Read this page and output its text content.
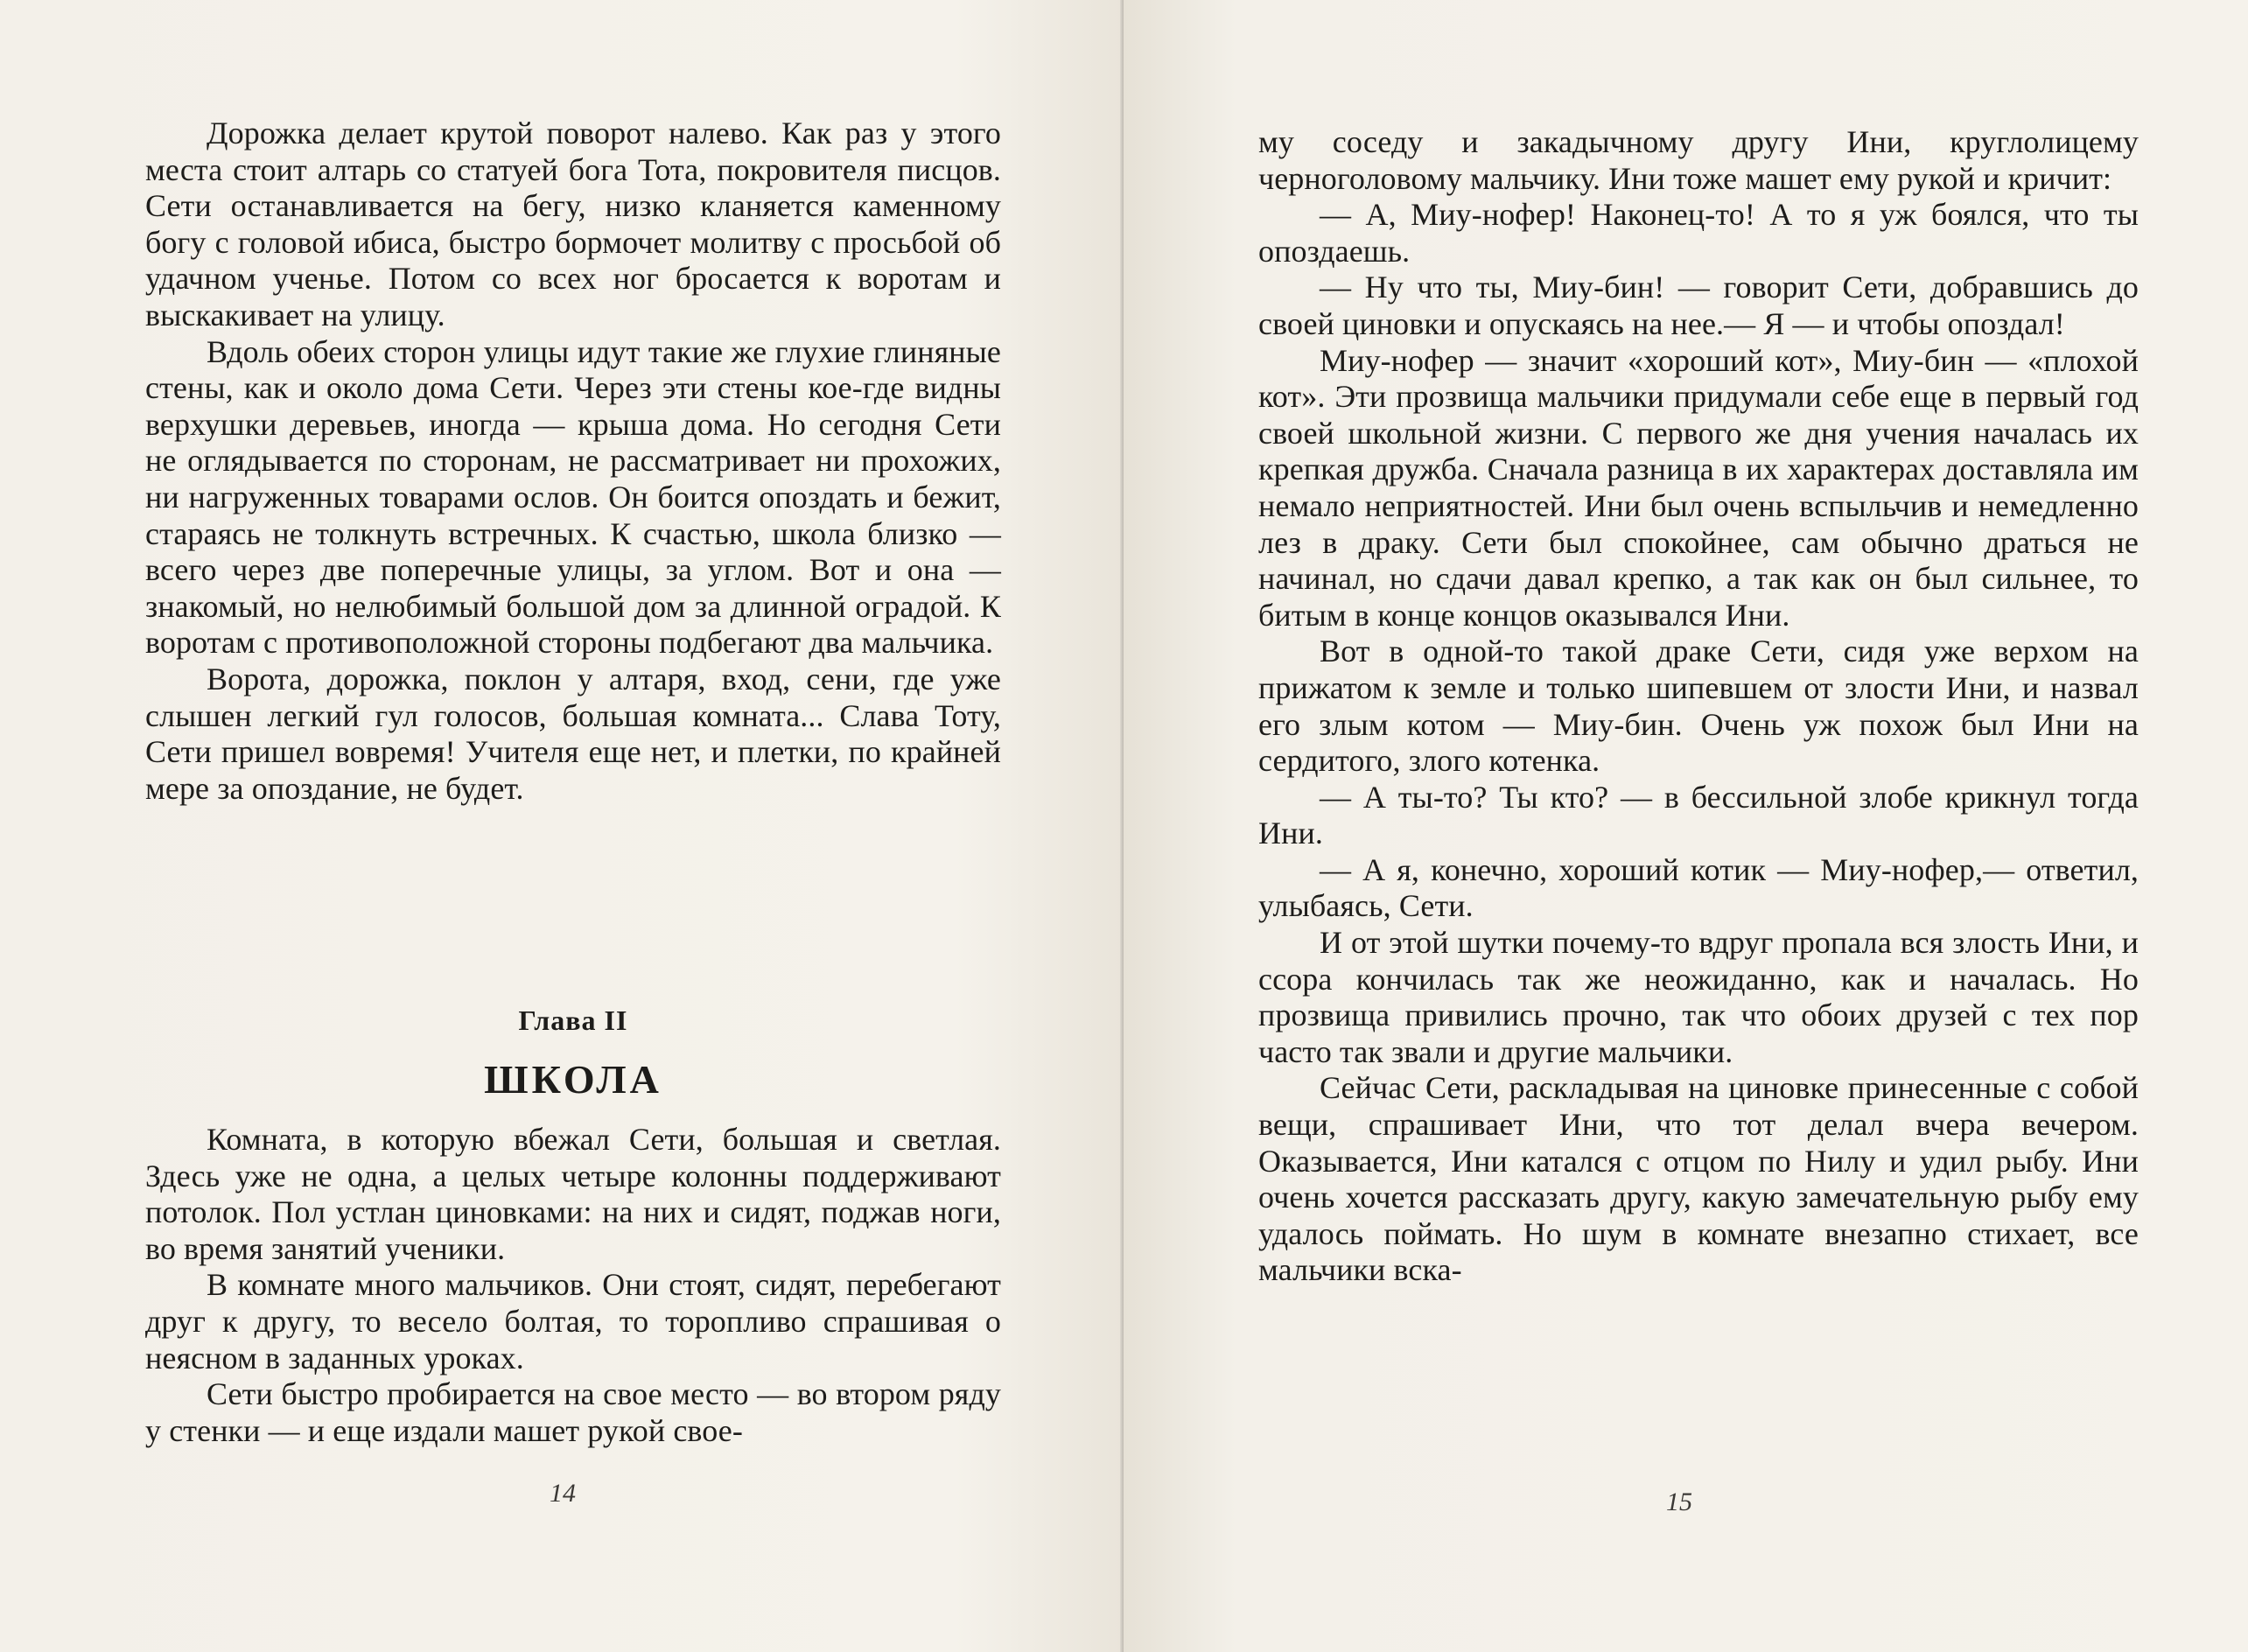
Дорожка делает крутой поворот налево. Как раз у этого места стоит алтарь со статуей бога Тота, покровителя писцов. Сети останавливается на бегу, низко кланяется каменному богу с головой ибиса, быстро бормочет молитву с просьбой об удачном ученье. Потом со всех ног бросается к воротам и выскакивает на улицу.

Вдоль обеих сторон улицы идут такие же глухие глиняные стены, как и около дома Сети. Через эти стены кое-где видны верхушки деревьев, иногда — крыша дома. Но сегодня Сети не оглядывается по сторонам, не рассматривает ни прохожих, ни нагруженных товарами ослов. Он боится опоздать и бежит, стараясь не толкнуть встречных. К счастью, школа близко — всего через две поперечные улицы, за углом. Вот и она — знакомый, но нелюбимый большой дом за длинной оградой. К воротам с противоположной стороны подбегают два мальчика.

Ворота, дорожка, поклон у алтаря, вход, сени, где уже слышен легкий гул голосов, большая комната... Слава Тоту, Сети пришел вовремя! Учителя еще нет, и плетки, по крайней мере за опоздание, не будет.

Глава II

ШКОЛА

Комната, в которую вбежал Сети, большая и светлая. Здесь уже не одна, а целых четыре колонны поддерживают потолок. Пол устлан циновками: на них и сидят, поджав ноги, во время занятий ученики.

В комнате много мальчиков. Они стоят, сидят, перебегают друг к другу, то весело болтая, то торопливо спрашивая о неясном в заданных уроках.

Сети быстро пробирается на свое место — во втором ряду у стенки — и еще издали машет рукой свое-

14

му соседу и закадычному другу Ини, круглолицему черноголовому мальчику. Ини тоже машет ему рукой и кричит:

— А, Миу-нофер! Наконец-то! А то я уж боялся, что ты опоздаешь.

— Ну что ты, Миу-бин! — говорит Сети, добравшись до своей циновки и опускаясь на нее.— Я — и чтобы опоздал!

Миу-нофер — значит «хороший кот», Миу-бин — «плохой кот». Эти прозвища мальчики придумали себе еще в первый год своей школьной жизни. С первого же дня учения началась их крепкая дружба. Сначала разница в их характерах доставляла им немало неприятностей. Ини был очень вспыльчив и немедленно лез в драку. Сети был спокойнее, сам обычно драться не начинал, но сдачи давал крепко, а так как он был сильнее, то битым в конце концов оказывался Ини.

Вот в одной-то такой драке Сети, сидя уже верхом на прижатом к земле и только шипевшем от злости Ини, и назвал его злым котом — Миу-бин. Очень уж похож был Ини на сердитого, злого котенка.

— А ты-то? Ты кто? — в бессильной злобе крикнул тогда Ини.

— А я, конечно, хороший котик — Миу-нофер,— ответил, улыбаясь, Сети.

И от этой шутки почему-то вдруг пропала вся злость Ини, и ссора кончилась так же неожиданно, как и началась. Но прозвища привились прочно, так что обоих друзей с тех пор часто так звали и другие мальчики.

Сейчас Сети, раскладывая на циновке принесенные с собой вещи, спрашивает Ини, что тот делал вчера вечером. Оказывается, Ини катался с отцом по Нилу и удил рыбу. Ини очень хочется рассказать другу, какую замечательную рыбу ему удалось поймать. Но шум в комнате внезапно стихает, все мальчики вска-

15
